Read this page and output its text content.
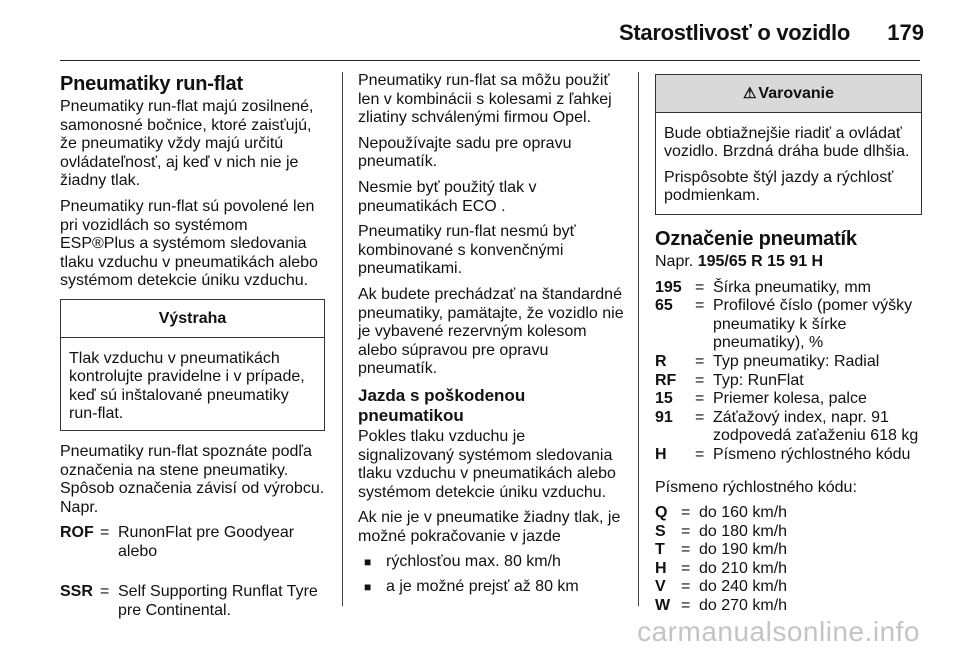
Starostlivosť o vozidlo 179
Pneumatiky run-flat

Pneumatiky run-flat majú zosilnené, samonosné bočnice, ktoré zaisťujú, že pneumatiky vždy majú určitú ovládateľnosť, aj keď v nich nie je žiadny tlak.

Pneumatiky run-flat sú povolené len pri vozidlách so systémom ESP®Plus a systémom sledovania tlaku vzduchu v pneumatikách alebo systémom detekcie úniku vzduchu.

Výstraha
Tlak vzduchu v pneumatikách kontrolujte pravidelne i v prípade, keď sú inštalované pneumatiky run-flat.

Pneumatiky run-flat spoznáte podľa označenia na stene pneumatiky. Spôsob označenia závisí od výrobcu. Napr.

ROF = RunonFlat pre Goodyear alebo
SSR = Self Supporting Runflat Tyre pre Continental.

Pneumatiky run-flat sa môžu použiť len v kombinácii s kolesami z ľahkej zliatiny schválenými firmou Opel.

Nepoužívajte sadu pre opravu pneumatík.

Nesmie byť použitý tlak v pneumatikách ECO .

Pneumatiky run-flat nesmú byť kombinované s konvenčnými pneumatikami.

Ak budete prechádzať na štandardné pneumatiky, pamätajte, že vozidlo nie je vybavené rezervným kolesom alebo súpravou pre opravu pneumatík.

Jazda s poškodenou pneumatikou

Pokles tlaku vzduchu je signalizovaný systémom sledovania tlaku vzduchu v pneumatikách alebo systémom detekcie úniku vzduchu.

Ak nie je v pneumatike žiadny tlak, je možné pokračovanie v jazde

■ rýchlosťou max. 80 km/h
■ a je možné prejsť až 80 km
⚠ Varovanie

Bude obtiažnejšie riadiť a ovládať vozidlo. Brzdná dráha bude dlhšia.

Prispôsobte štýl jazdy a rýchlosť podmienkam.

Označenie pneumatík

Napr. 195/65 R 15 91 H

195 = Šírka pneumatiky, mm
65	= Profilové číslo (pomer výšky pneumatiky k šírke pneumatiky), %
R	= Typ pneumatiky: Radial
RF	= Typ: RunFlat
15	= Priemer kolesa, palce
91	= Záťažový index, napr. 91 zodpovedá zaťaženiu 618 kg
H	= Písmeno rýchlostného kódu

Písmeno rýchlostného kódu:

Q = do 160 km/h
S = do 180 km/h
T	= do 190 km/h
H = do 210 km/h
V = do 240 km/h
W = do 270 km/h
carmanualsonline.info
